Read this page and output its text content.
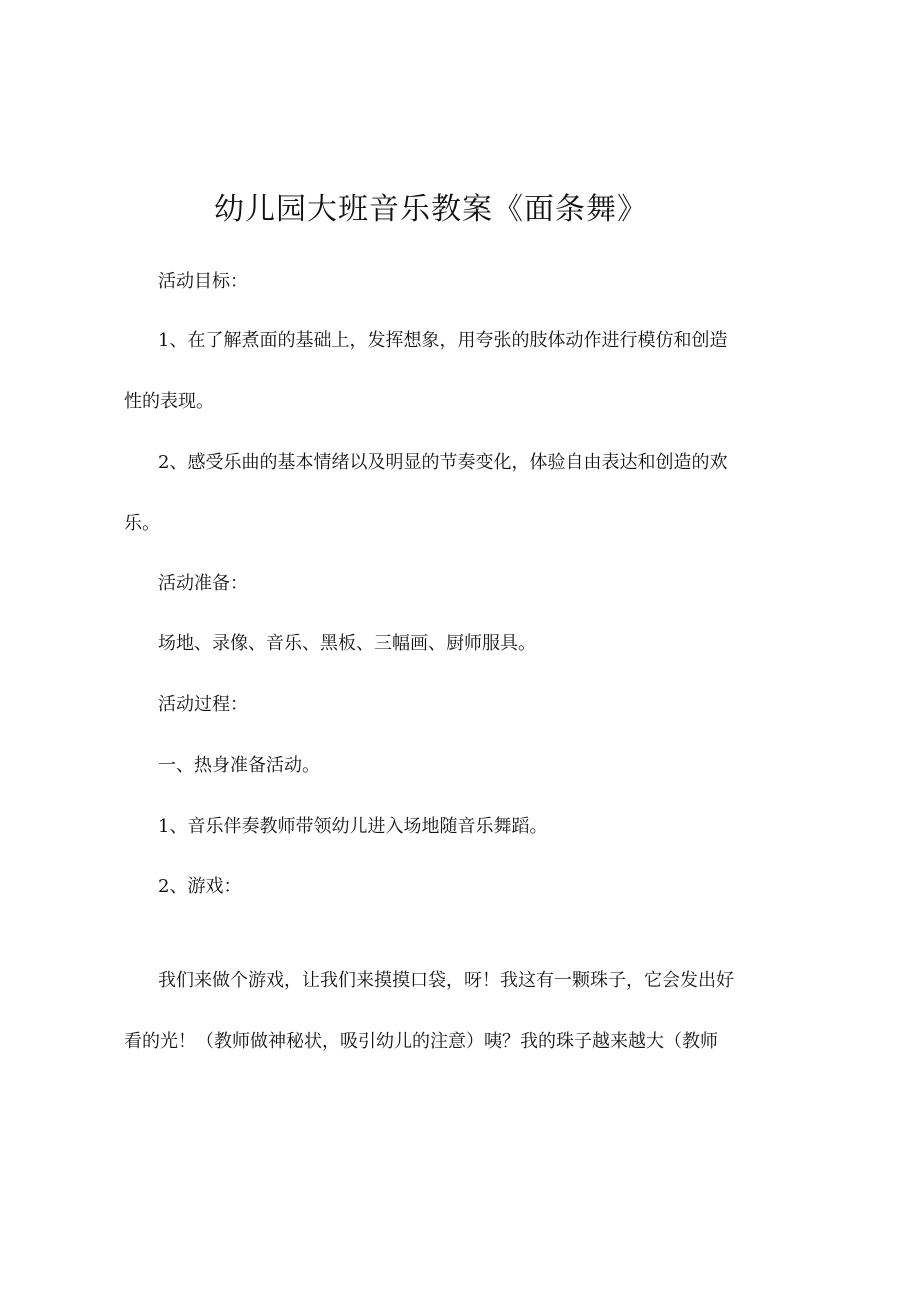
幼儿园大班音乐教案《面条舞》

活动目标：

1、在了解煮面的基础上，发挥想象，用夸张的肢体动作进行模仿和创造

性的表现。

2、感受乐曲的基本情绪以及明显的节奏变化，体验自由表达和创造的欢

乐。

活动准备：

场地、录像、音乐、黑板、三幅画、厨师服具。

活动过程：

一、热身准备活动。

1、音乐伴奏教师带领幼儿进入场地随音乐舞蹈。

2、游戏：

我们来做个游戏，让我们来摸摸口袋，呀！我这有一颗珠子，它会发出好

看的光！（教师做神秘状，吸引幼儿的注意）咦？我的珠子越来越大（教师
